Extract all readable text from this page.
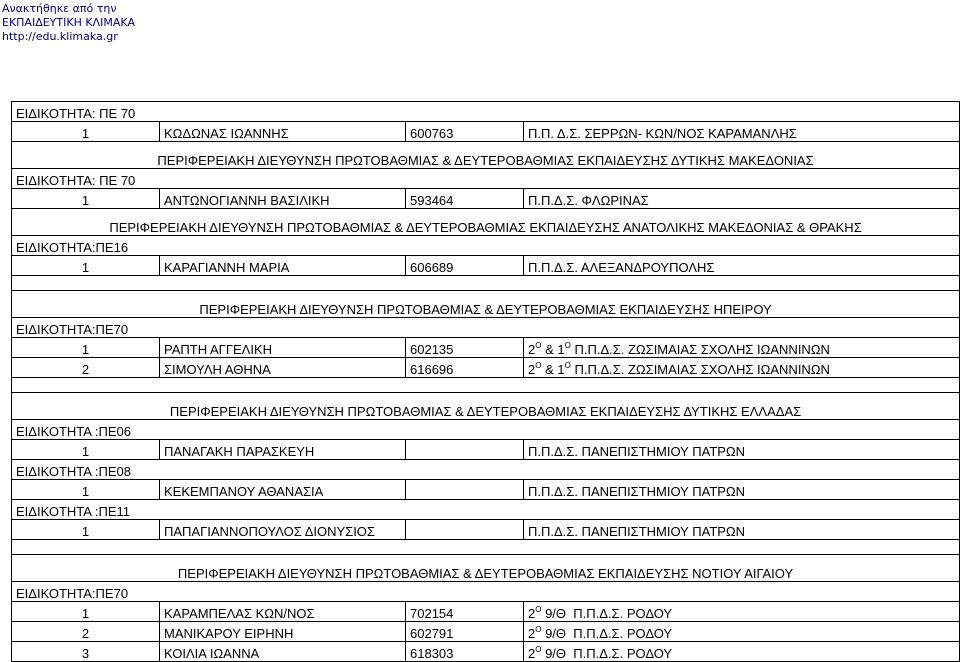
Ανακτήθηκε από την
ΕΚΠΑΙΔΕΥΤΙΚΗ ΚΛΙΜΑΚΑ
http://edu.klimaka.gr
ΕΙΔΙΚΟΤΗΤΑ: ΠΕ 70			
1	ΚΩΔΩΝΑΣ ΙΩΑΝΝΗΣ	600763	Π.Π. Δ.Σ. ΣΕΡΡΩΝ- ΚΩΝ/ΝΟΣ ΚΑΡΑΜΑΝΛΗΣ
ΠΕΡΙΦΕΡΕΙΑΚΗ ΔΙΕΥΘΥΝΣΗ ΠΡΩΤΟΒΑΘΜΙΑΣ & ΔΕΥΤΕΡΟΒΑΘΜΙΑΣ ΕΚΠΑΙΔΕΥΣΗΣ ΔΥΤΙΚΗΣ ΜΑΚΕΔΟΝΙΑΣ			
ΕΙΔΙΚΟΤΗΤΑ: ΠΕ 70			
1	ΑΝΤΩΝΟΓΙΑΝΝΗ ΒΑΣΙΛΙΚΗ	593464	Π.Π.Δ.Σ. ΦΛΩΡΙΝΑΣ
ΠΕΡΙΦΕΡΕΙΑΚΗ ΔΙΕΥΘΥΝΣΗ ΠΡΩΤΟΒΑΘΜΙΑΣ & ΔΕΥΤΕΡΟΒΑΘΜΙΑΣ ΕΚΠΑΙΔΕΥΣΗΣ ΑΝΑΤΟΛΙΚΗΣ ΜΑΚΕΔΟΝΙΑΣ & ΘΡΑΚΗΣ			
ΕΙΔΙΚΟΤΗΤΑ:ΠΕ16			
1	ΚΑΡΑΓΙΑΝΝΗ ΜΑΡΙΑ	606689	Π.Π.Δ.Σ. ΑΛΕΞΑΝΔΡΟΥΠΟΛΗΣ

ΠΕΡΙΦΕΡΕΙΑΚΗ ΔΙΕΥΘΥΝΣΗ ΠΡΩΤΟΒΑΘΜΙΑΣ & ΔΕΥΤΕΡΟΒΑΘΜΙΑΣ ΕΚΠΑΙΔΕΥΣΗΣ ΗΠΕΙΡΟΥ			
ΕΙΔΙΚΟΤΗΤΑ:ΠΕ70			
1	ΡΑΠΤΗ ΑΓΓΕΛΙΚΗ	602135	$2^O$ & $1^O$ Π.Π.Δ.Σ. ΖΩΣΙΜΑΙΑΣ ΣΧΟΛΗΣ ΙΩΑΝΝΙΝΩΝ
2	ΣΙΜΟΥΛΗ ΑΘΗΝΑ	616696	$2^O$ & $1^O$ Π.Π.Δ.Σ. ΖΩΣΙΜΑΙΑΣ ΣΧΟΛΗΣ ΙΩΑΝΝΙΝΩΝ

ΠΕΡΙΦΕΡΕΙΑΚΗ ΔΙΕΥΘΥΝΣΗ ΠΡΩΤΟΒΑΘΜΙΑΣ & ΔΕΥΤΕΡΟΒΑΘΜΙΑΣ ΕΚΠΑΙΔΕΥΣΗΣ ΔΥΤΙΚΗΣ ΕΛΛΑΔΑΣ			
ΕΙΔΙΚΟΤΗΤΑ :ΠΕ06			
1	ΠΑΝΑΓΑΚΗ ΠΑΡΑΣΚΕΥΗ		Π.Π.Δ.Σ. ΠΑΝΕΠΙΣΤΗΜΙΟΥ ΠΑΤΡΩΝ
ΕΙΔΙΚΟΤΗΤΑ :ΠΕ08			
1	ΚΕΚΕΜΠΑΝΟΥ ΑΘΑΝΑΣΙΑ		Π.Π.Δ.Σ. ΠΑΝΕΠΙΣΤΗΜΙΟΥ ΠΑΤΡΩΝ
ΕΙΔΙΚΟΤΗΤΑ :ΠΕ11			
1	ΠΑΠΑΓΙΑΝΝΟΠΟΥΛΟΣ ΔΙΟΝΥΣΙΟΣ		Π.Π.Δ.Σ. ΠΑΝΕΠΙΣΤΗΜΙΟΥ ΠΑΤΡΩΝ

ΠΕΡΙΦΕΡΕΙΑΚΗ ΔΙΕΥΘΥΝΣΗ ΠΡΩΤΟΒΑΘΜΙΑΣ & ΔΕΥΤΕΡΟΒΑΘΜΙΑΣ ΕΚΠΑΙΔΕΥΣΗΣ ΝΟΤΙΟΥ ΑΙΓΑΙΟΥ			
ΕΙΔΙΚΟΤΗΤΑ:ΠΕ70			
1	ΚΑΡΑΜΠΕΛΑΣ ΚΩΝ/ΝΟΣ	702154	$2^O$ 9/Θ  Π.Π.Δ.Σ. ΡΟΔΟΥ
2	ΜΑΝΙΚΑΡΟΥ ΕΙΡΗΝΗ	602791	$2^O$ 9/Θ  Π.Π.Δ.Σ. ΡΟΔΟΥ
3	ΚΟΙΛΙΑ ΙΩΑΝΝΑ	618303	$2^O$ 9/Θ  Π.Π.Δ.Σ. ΡΟΔΟΥ
